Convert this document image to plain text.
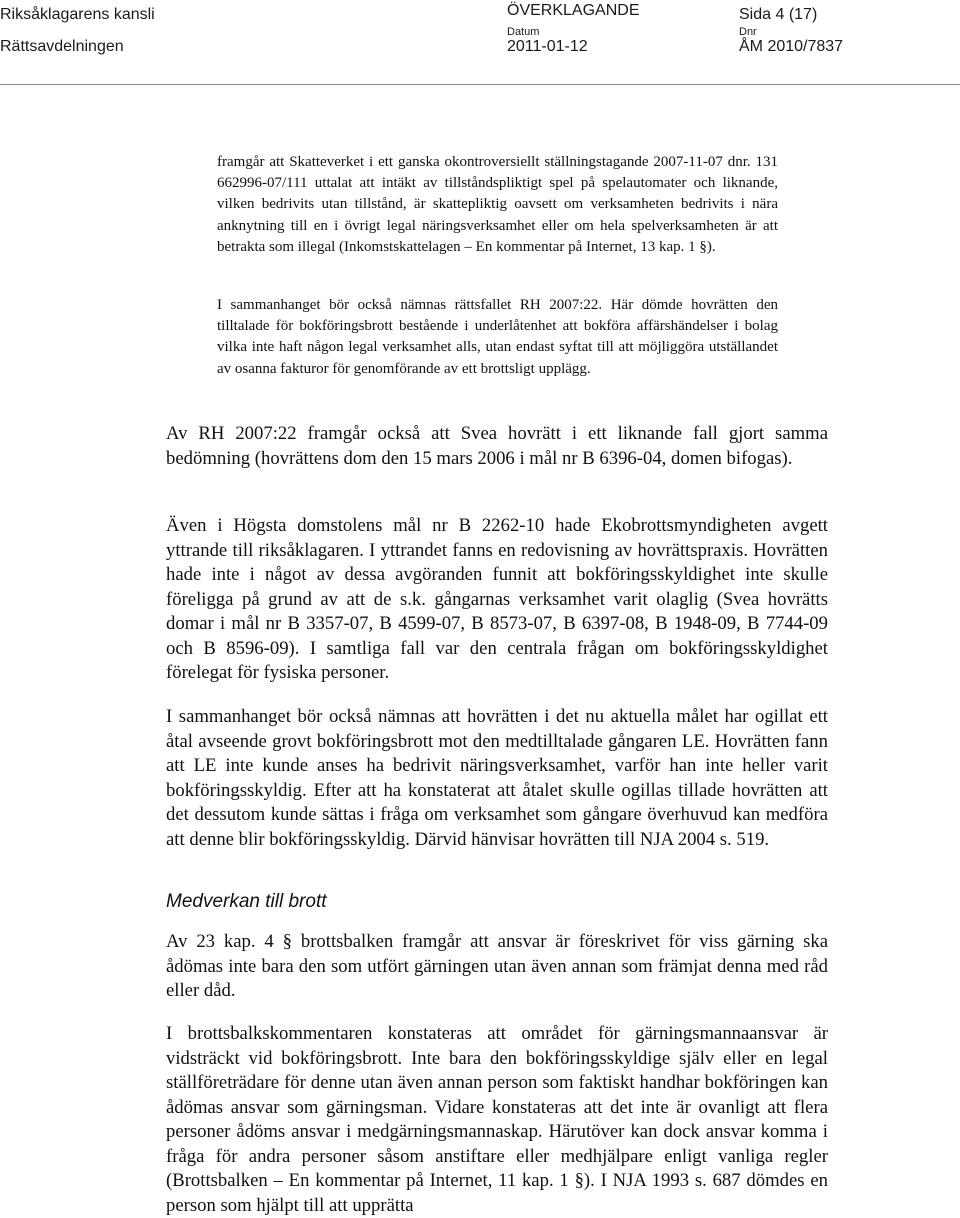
Riksåklagarens kansli
Rättsavdelningen
ÖVERKLAGANDE	Sida 4 (17)
Datum
2011-01-12
Dnr
ÅM 2010/7837

framgår att Skatteverket i ett ganska okontroversiellt ställningstagande 2007-11-07 dnr. 131 662996-07/111 uttalat att intäkt av tillståndspliktigt spel på spelautomater och liknande, vilken bedrivits utan tillstånd, är skattepliktig oavsett om verksamheten bedrivits i nära anknytning till en i övrigt legal näringsverksamhet eller om hela spelverksamheten är att betrakta som illegal (Inkomstskattelagen – En kommentar på Internet, 13 kap. 1 §).

I sammanhanget bör också nämnas rättsfallet RH 2007:22. Här dömde hovrätten den tilltalade för bokföringsbrott bestående i underlåtenhet att bokföra affärshändelser i bolag vilka inte haft någon legal verksamhet alls, utan endast syftat till att möjliggöra utställandet av osanna fakturor för genomförande av ett brottsligt upplägg.

Av RH 2007:22 framgår också att Svea hovrätt i ett liknande fall gjort samma bedömning (hovrättens dom den 15 mars 2006 i mål nr B 6396-04, domen bifogas).

Även i Högsta domstolens mål nr B 2262-10 hade Ekobrottsmyndigheten avgett yttrande till riksåklagaren. I yttrandet fanns en redovisning av hovrättspraxis. Hovrätten hade inte i något av dessa avgöranden funnit att bokföringsskyldighet inte skulle föreligga på grund av att de s.k. gångarnas verksamhet varit olaglig (Svea hovrätts domar i mål nr B 3357-07, B 4599-07, B 8573-07, B 6397-08, B 1948-09, B 7744-09 och B 8596-09). I samtliga fall var den centrala frågan om bokföringsskyldighet förelegat för fysiska personer.

I sammanhanget bör också nämnas att hovrätten i det nu aktuella målet har ogillat ett åtal avseende grovt bokföringsbrott mot den medtilltalade gångaren LE. Hovrätten fann att LE inte kunde anses ha bedrivit näringsverksamhet, varför han inte heller varit bokföringsskyldig. Efter att ha konstaterat att åtalet skulle ogillas tillade hovrätten att det dessutom kunde sättas i fråga om verksamhet som gångare överhuvud kan medföra att denne blir bokföringsskyldig. Därvid hänvisar hovrätten till NJA 2004 s. 519.

Medverkan till brott

Av 23 kap. 4 § brottsbalken framgår att ansvar är föreskrivet för viss gärning ska ådömas inte bara den som utfört gärningen utan även annan som främjat denna med råd eller dåd.

I brottsbalkskommentaren konstateras att området för gärningsmannaansvar är vidsträckt vid bokföringsbrott. Inte bara den bokföringsskyldige själv eller en legal ställföreträdare för denne utan även annan person som faktiskt handhar bokföringen kan ådömas ansvar som gärningsman. Vidare konstateras att det inte är ovanligt att flera personer ådöms ansvar i medgärningsmannaskap. Härutöver kan dock ansvar komma i fråga för andra personer såsom anstiftare eller medhjälpare enligt vanliga regler (Brottsbalken – En kommentar på Internet, 11 kap. 1 §). I NJA 1993 s. 687 dömdes en person som hjälpt till att upprätta
